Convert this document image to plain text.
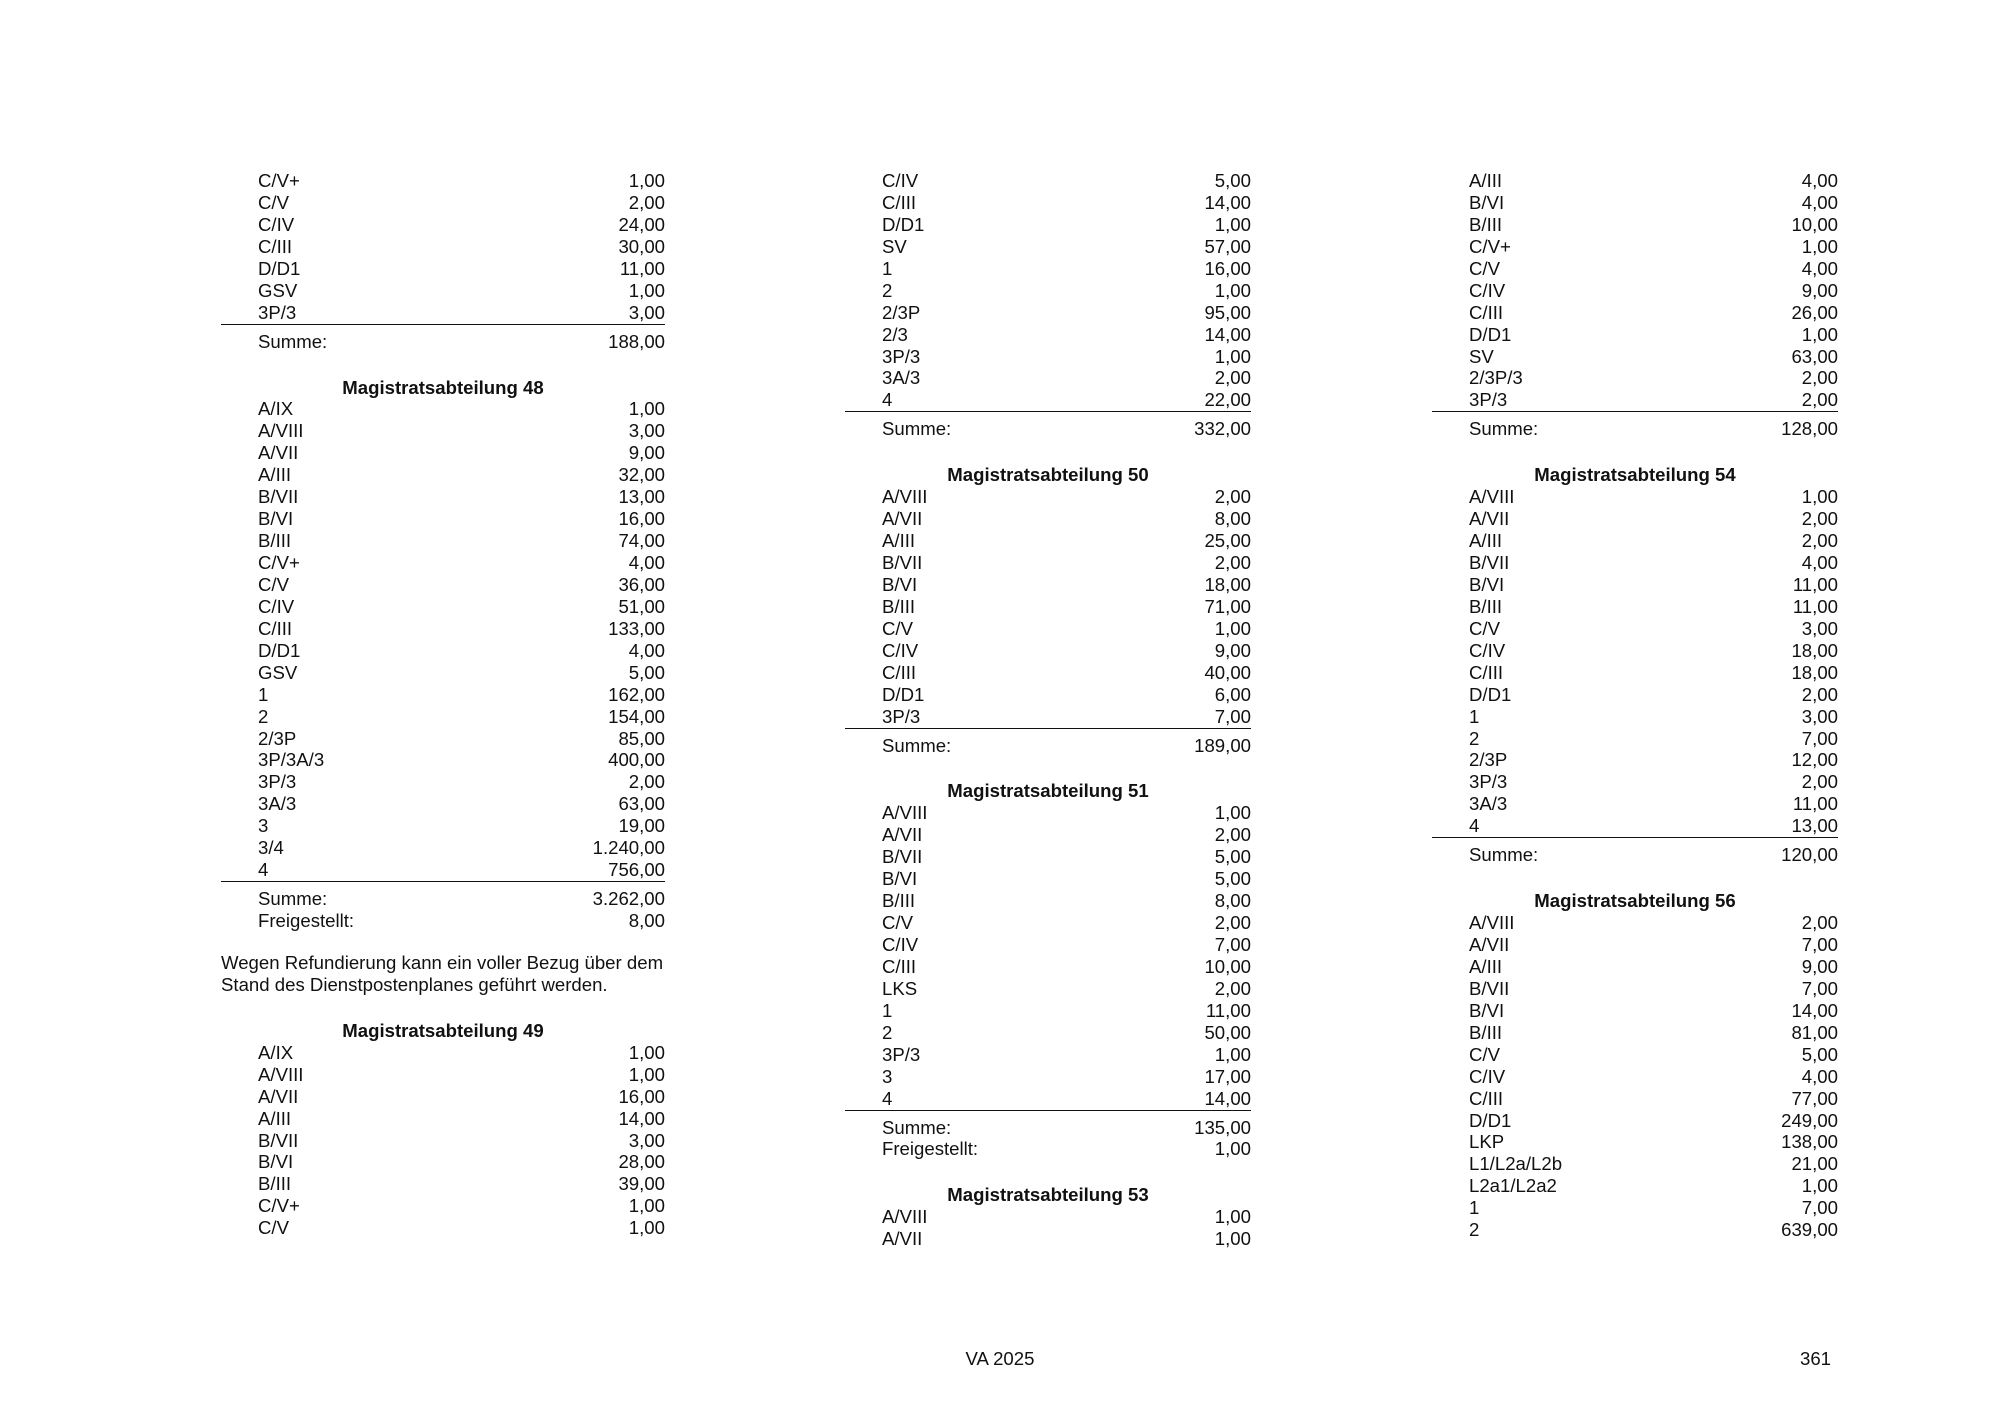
C/V+	1,00
C/V	2,00
C/IV	24,00
C/III	30,00
D/D1	11,00
GSV	1,00
3P/3	3,00
Summe:	188,00
Magistratsabteilung 48
A/IX	1,00
A/VIII	3,00
A/VII	9,00
A/III	32,00
B/VII	13,00
B/VI	16,00
B/III	74,00
C/V+	4,00
C/V	36,00
C/IV	51,00
C/III	133,00
D/D1	4,00
GSV	5,00
1	162,00
2	154,00
2/3P	85,00
3P/3A/3	400,00
3P/3	2,00
3A/3	63,00
3	19,00
3/4	1.240,00
4	756,00
Summe:	3.262,00
Freigestellt:	8,00
Wegen Refundierung kann ein voller Bezug über dem
Stand des Dienstpostenplanes geführt werden.
Magistratsabteilung 49
A/IX	1,00
A/VIII	1,00
A/VII	16,00
A/III	14,00
B/VII	3,00
B/VI	28,00
B/III	39,00
C/V+	1,00
C/V	1,00
C/IV	5,00
C/III	14,00
D/D1	1,00
SV	57,00
1	16,00
2	1,00
2/3P	95,00
2/3	14,00
3P/3	1,00
3A/3	2,00
4	22,00
Summe:	332,00
Magistratsabteilung 50
A/VIII	2,00
A/VII	8,00
A/III	25,00
B/VII	2,00
B/VI	18,00
B/III	71,00
C/V	1,00
C/IV	9,00
C/III	40,00
D/D1	6,00
3P/3	7,00
Summe:	189,00
Magistratsabteilung 51
A/VIII	1,00
A/VII	2,00
B/VII	5,00
B/VI	5,00
B/III	8,00
C/V	2,00
C/IV	7,00
C/III	10,00
LKS	2,00
1	11,00
2	50,00
3P/3	1,00
3	17,00
4	14,00
Summe:	135,00
Freigestellt:	1,00
Magistratsabteilung 53
A/VIII	1,00
A/VII	1,00
A/III	4,00
B/VI	4,00
B/III	10,00
C/V+	1,00
C/V	4,00
C/IV	9,00
C/III	26,00
D/D1	1,00
SV	63,00
2/3P/3	2,00
3P/3	2,00
Summe:	128,00
Magistratsabteilung 54
A/VIII	1,00
A/VII	2,00
A/III	2,00
B/VII	4,00
B/VI	11,00
B/III	11,00
C/V	3,00
C/IV	18,00
C/III	18,00
D/D1	2,00
1	3,00
2	7,00
2/3P	12,00
3P/3	2,00
3A/3	11,00
4	13,00
Summe:	120,00
Magistratsabteilung 56
A/VIII	2,00
A/VII	7,00
A/III	9,00
B/VII	7,00
B/VI	14,00
B/III	81,00
C/V	5,00
C/IV	4,00
C/III	77,00
D/D1	249,00
LKP	138,00
L1/L2a/L2b	21,00
L2a1/L2a2	1,00
1	7,00
2	639,00
VA 2025	361
